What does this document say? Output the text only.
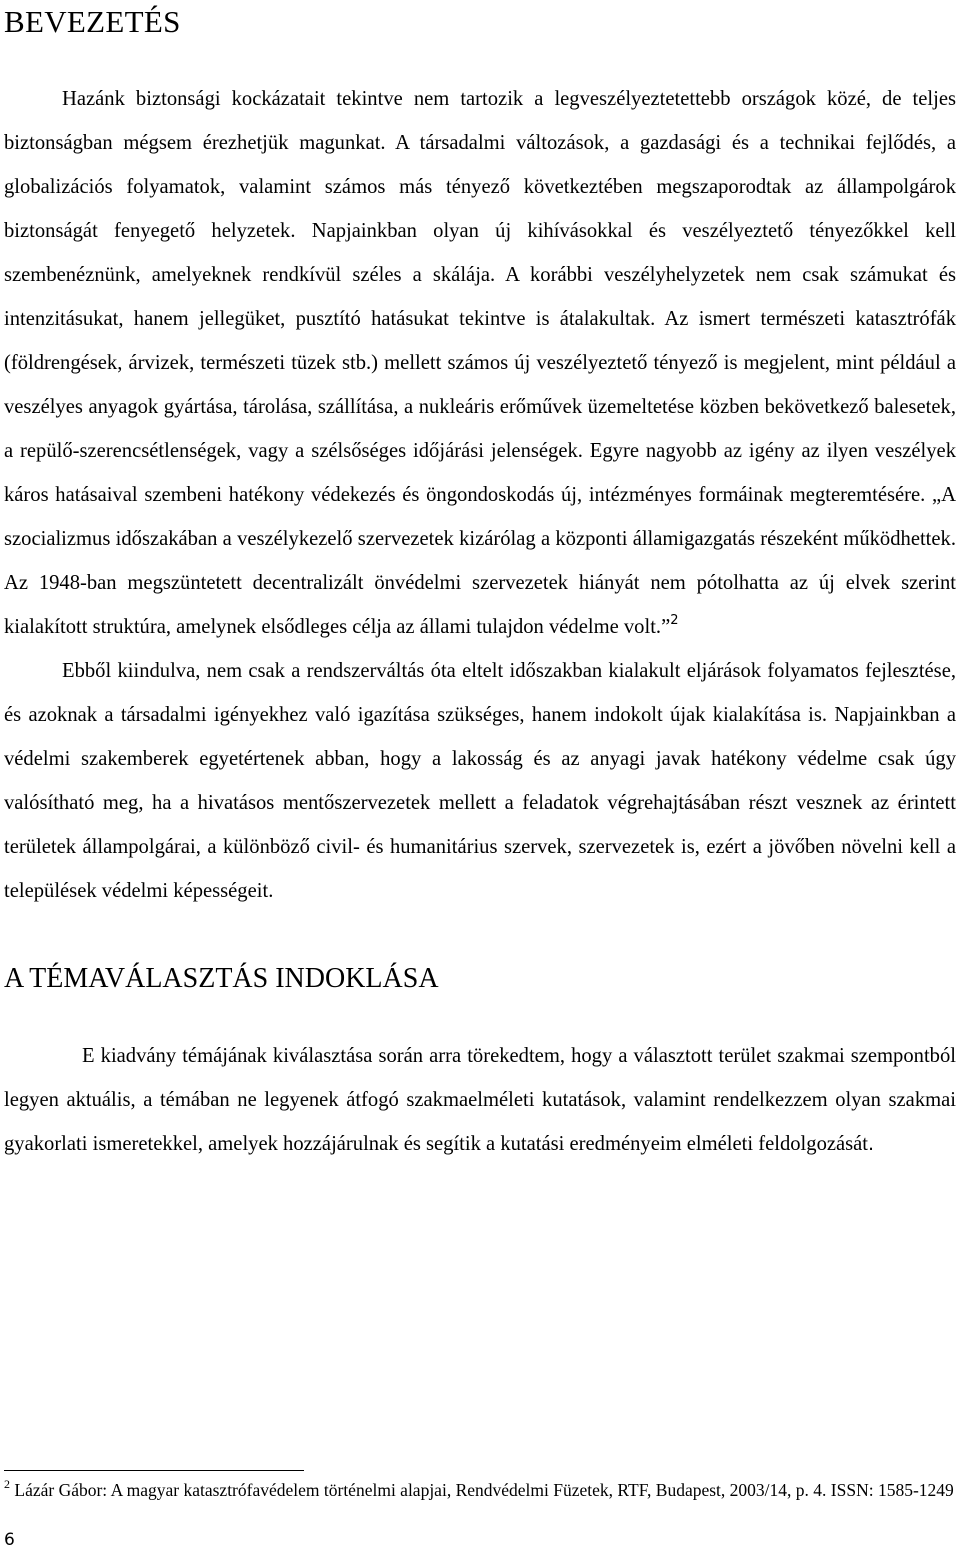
BEVEZETÉS

Hazánk biztonsági kockázatait tekintve nem tartozik a legveszélyeztetettebb országok közé, de teljes biztonságban mégsem érezhetjük magunkat. A társadalmi változások, a gazdasági és a technikai fejlődés, a globalizációs folyamatok, valamint számos más tényező következtében megszaporodtak az állampolgárok biztonságát fenyegető helyzetek. Napjainkban olyan új kihívásokkal és veszélyeztető tényezőkkel kell szembenéznünk, amelyeknek rendkívül széles a skálája. A korábbi veszélyhelyzetek nem csak számukat és intenzitásukat, hanem jellegüket, pusztító hatásukat tekintve is átalakultak. Az ismert természeti katasztrófák (földrengések, árvizek, természeti tüzek stb.) mellett számos új veszélyeztető tényező is megjelent, mint például a veszélyes anyagok gyártása, tárolása, szállítása, a nukleáris erőművek üzemeltetése közben bekövetkező balesetek, a repülő-szerencsétlenségek, vagy a szélsőséges időjárási jelenségek. Egyre nagyobb az igény az ilyen veszélyek káros hatásaival szembeni hatékony védekezés és öngondoskodás új, intézményes formáinak megteremtésére. „A szocializmus időszakában a veszélykezelő szervezetek kizárólag a központi államigazgatás részeként működhettek. Az 1948-ban megszüntetett decentralizált önvédelmi szervezetek hiányát nem pótolhatta az új elvek szerint kialakított struktúra, amelynek elsődleges célja az állami tulajdon védelme volt.”$^2$

Ebből kiindulva, nem csak a rendszerváltás óta eltelt időszakban kialakult eljárások folyamatos fejlesztése, és azoknak a társadalmi igényekhez való igazítása szükséges, hanem indokolt újak kialakítása is. Napjainkban a védelmi szakemberek egyetértenek abban, hogy a lakosság és az anyagi javak hatékony védelme csak úgy valósítható meg, ha a hivatásos mentőszervezetek mellett a feladatok végrehajtásában részt vesznek az érintett területek állampolgárai, a különböző civil- és humanitárius szervek, szervezetek is, ezért a jövőben növelni kell a települések védelmi képességeit.

A TÉMAVÁLASZTÁS INDOKLÁSA

E kiadvány témájának kiválasztása során arra törekedtem, hogy a választott terület szakmai szempontból legyen aktuális, a témában ne legyenek átfogó szakmaelméleti kutatások, valamint rendelkezzem olyan szakmai gyakorlati ismeretekkel, amelyek hozzájárulnak és segítik a kutatási eredményeim elméleti feldolgozását.

$^2$ Lázár Gábor: A magyar katasztrófavédelem történelmi alapjai, Rendvédelmi Füzetek, RTF, Budapest, 2003/14, p. 4. ISSN: 1585-1249
6
